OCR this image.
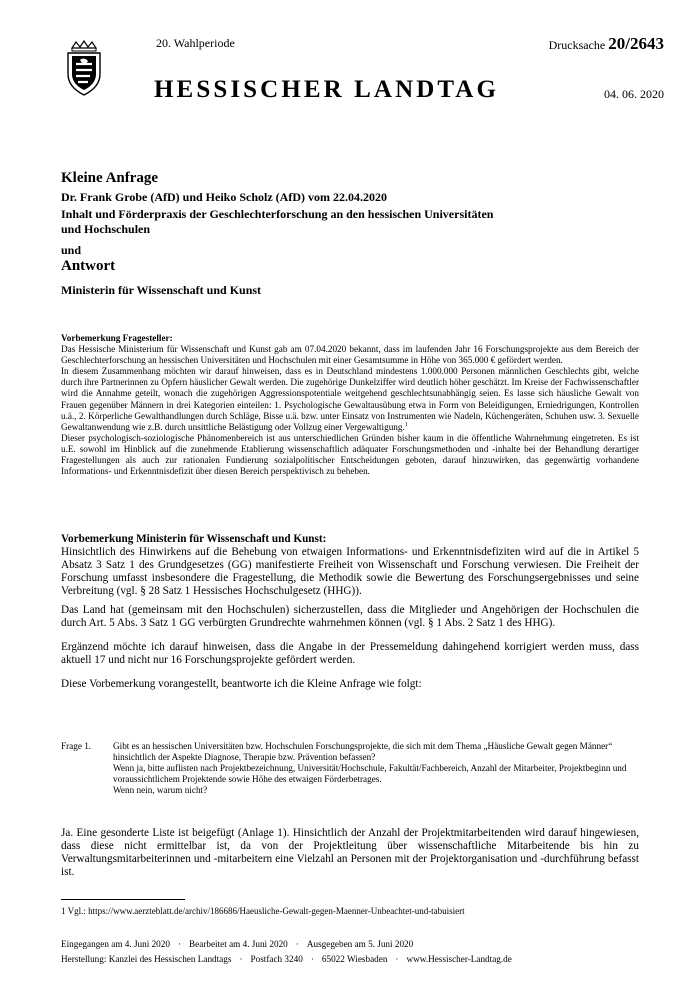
20. Wahlperiode	Drucksache 20/2643
HESSISCHER LANDTAG	04. 06. 2020
Kleine Anfrage
Dr. Frank Grobe (AfD) und Heiko Scholz (AfD) vom 22.04.2020
Inhalt und Förderpraxis der Geschlechterforschung an den hessischen Universitäten
und Hochschulen
und
Antwort
Ministerin für Wissenschaft und Kunst

Vorbemerkung Fragesteller:

Das Hessische Ministerium für Wissenschaft und Kunst gab am 07.04.2020 bekannt, dass im laufenden Jahr 16 Forschungsprojekte aus dem Bereich der Geschlechterforschung an hessischen Universitäten und Hochschulen mit einer Gesamtsumme in Höhe von 365.000 € gefördert werden.

In diesem Zusammenhang möchten wir darauf hinweisen, dass es in Deutschland mindestens 1.000.000 Personen männlichen Geschlechts gibt, welche durch ihre Partnerinnen zu Opfern häuslicher Gewalt werden. Die zugehörige Dunkelziffer wird deutlich höher geschätzt. Im Kreise der Fachwissenschaftler wird die Annahme geteilt, wonach die zugehörigen Aggressionspotentiale weitgehend geschlechtsunabhängig seien. Es lasse sich häusliche Gewalt von Frauen gegenüber Männern in drei Kategorien einteilen: 1. Psychologische Gewaltausübung etwa in Form von Beleidigungen, Erniedrigungen, Kontrollen u.ä., 2. Körperliche Gewalthandlungen durch Schläge, Bisse u.ä. bzw. unter Einsatz von Instrumenten wie Nadeln, Küchengeräten, Schuhen usw. 3. Sexuelle Gewaltanwendung wie z.B. durch unsittliche Belästigung oder Vollzug einer Vergewaltigung.$^1$

Dieser psychologisch-soziologische Phänomenbereich ist aus unterschiedlichen Gründen bisher kaum in die öffentliche Wahrnehmung eingetreten. Es ist u.E. sowohl im Hinblick auf die zunehmende Etablierung wissenschaftlich adäquater Forschungsmethoden und -inhalte bei der Behandlung derartiger Fragestellungen als auch zur rationalen Fundierung sozialpolitischer Entscheidungen geboten, darauf hinzuwirken, das gegenwärtig vorhandene Informations- und Erkenntnisdefizit über diesen Bereich perspektivisch zu beheben.

Vorbemerkung Ministerin für Wissenschaft und Kunst:

Hinsichtlich des Hinwirkens auf die Behebung von etwaigen Informations- und Erkenntnisdefiziten wird auf die in Artikel 5 Absatz 3 Satz 1 des Grundgesetzes (GG) manifestierte Freiheit von Wissenschaft und Forschung verwiesen. Die Freiheit der Forschung umfasst insbesondere die Fragestellung, die Methodik sowie die Bewertung des Forschungsergebnisses und seine Verbreitung (vgl. § 28 Satz 1 Hessisches Hochschulgesetz (HHG)).

Das Land hat (gemeinsam mit den Hochschulen) sicherzustellen, dass die Mitglieder und Angehörigen der Hochschulen die durch Art. 5 Abs. 3 Satz 1 GG verbürgten Grundrechte wahrnehmen können (vgl. § 1 Abs. 2 Satz 1 des HHG).

Ergänzend möchte ich darauf hinweisen, dass die Angabe in der Pressemeldung dahingehend korrigiert werden muss, dass aktuell 17 und nicht nur 16 Forschungsprojekte gefördert werden.

Diese Vorbemerkung vorangestellt, beantworte ich die Kleine Anfrage wie folgt:

Frage 1. Gibt es an hessischen Universitäten bzw. Hochschulen Forschungsprojekte, die sich mit dem Thema „Häusliche Gewalt gegen Männer“ hinsichtlich der Aspekte Diagnose, Therapie bzw. Prävention befassen?

Wenn ja, bitte auflisten nach Projektbezeichnung, Universität/Hochschule, Fakultät/Fachbereich, Anzahl der Mitarbeiter, Projektbeginn und voraussichtlichem Projektende sowie Höhe des etwaigen Förderbetrages.

Wenn nein, warum nicht?

Ja. Eine gesonderte Liste ist beigefügt (Anlage 1). Hinsichtlich der Anzahl der Projektmitarbeitenden wird darauf hingewiesen, dass diese nicht ermittelbar ist, da von der Projektleitung über wissenschaftliche Mitarbeitende bis hin zu Verwaltungsmitarbeiterinnen und -mitarbeitern eine Vielzahl an Personen mit der Projektorganisation und -durchführung befasst ist.
1 Vgl.: https://www.aerzteblatt.de/archiv/186686/Haeusliche-Gewalt-gegen-Maenner-Unbeachtet-und-tabuisiert
Eingegangen am 4. Juni 2020 · Bearbeitet am 4. Juni 2020 · Ausgegeben am 5. Juni 2020
Herstellung: Kanzlei des Hessischen Landtags · Postfach 3240 · 65022 Wiesbaden · www.Hessischer-Landtag.de
